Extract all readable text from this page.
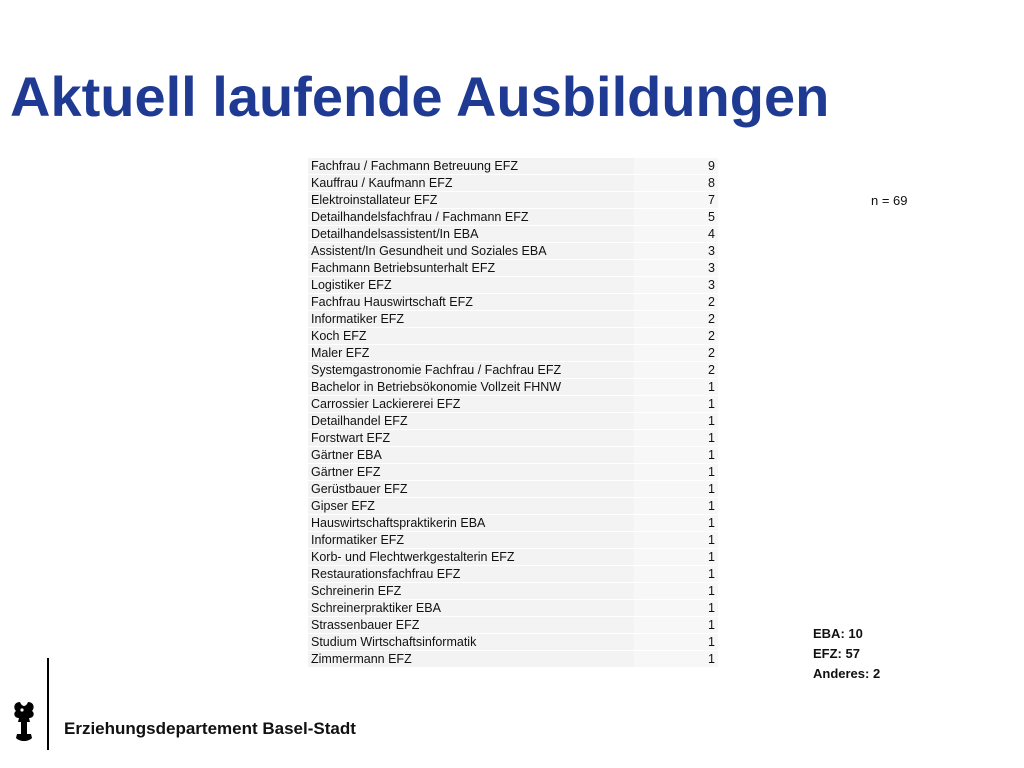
Aktuell laufende Ausbildungen
Fachfrau / Fachmann Betreuung EFZ	9
Kauffrau / Kaufmann EFZ	8
Elektroinstallateur EFZ	7
Detailhandelsfachfrau / Fachmann EFZ	5
Detailhandelsassistent/In EBA	4
Assistent/In Gesundheit und Soziales EBA	3
Fachmann Betriebsunterhalt EFZ	3
Logistiker EFZ	3
Fachfrau Hauswirtschaft EFZ	2
Informatiker EFZ	2
Koch EFZ	2
Maler EFZ	2
Systemgastronomie Fachfrau / Fachfrau EFZ	2
Bachelor in Betriebsökonomie Vollzeit FHNW	1
Carrossier Lackiererei EFZ	1
Detailhandel EFZ	1
Forstwart EFZ	1
Gärtner EBA	1
Gärtner EFZ	1
Gerüstbauer EFZ	1
Gipser EFZ	1
Hauswirtschaftspraktikerin EBA	1
Informatiker EFZ	1
Korb- und Flechtwerkgestalterin EFZ	1
Restaurationsfachfrau EFZ	1
Schreinerin EFZ	1
Schreinerpraktiker EBA	1
Strassenbauer EFZ	1
Studium Wirtschaftsinformatik	1
Zimmermann EFZ	1
n = 69
EBA: 10
EFZ: 57
Anderes: 2
Erziehungsdepartement Basel-Stadt
